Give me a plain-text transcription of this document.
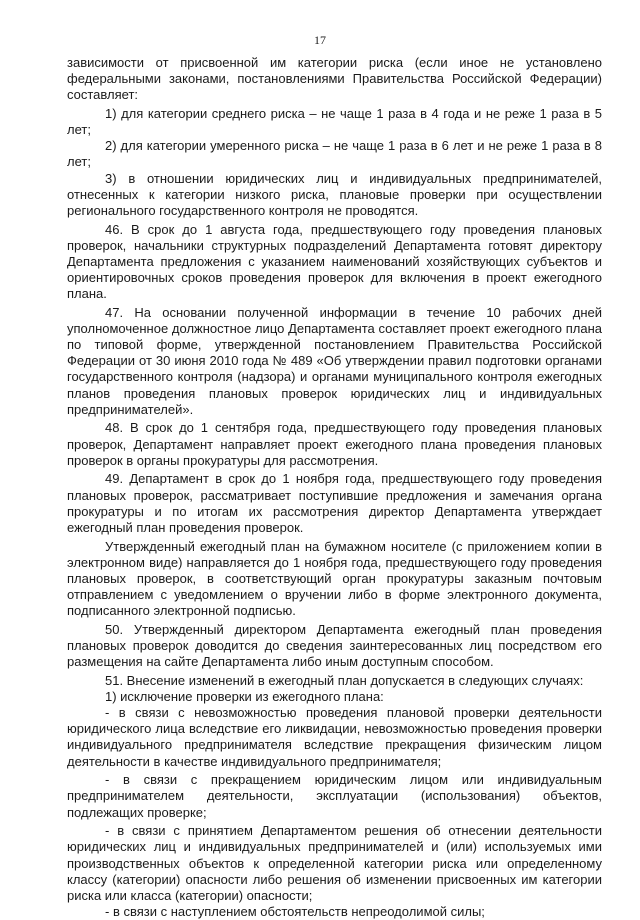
17

зависимости от присвоенной им категории риска (если иное не установлено федеральными законами, постановлениями Правительства Российской Федерации) составляет:

1) для категории среднего риска – не чаще 1 раза в 4 года и не реже 1 раза в 5 лет;

2) для категории умеренного риска – не чаще 1 раза в 6 лет и не реже 1 раза в 8 лет;

3) в отношении юридических лиц и индивидуальных предпринимателей, отнесенных к категории низкого риска, плановые проверки при осуществлении регионального государственного контроля не проводятся.

46. В срок до 1 августа года, предшествующего году проведения плановых проверок, начальники структурных подразделений Департамента готовят директору Департамента предложения с указанием наименований хозяйствующих субъектов и ориентировочных сроков проведения проверок для включения в проект ежегодного плана.

47. На основании полученной информации в течение 10 рабочих дней уполномоченное должностное лицо Департамента составляет проект ежегодного плана по типовой форме, утвержденной постановлением Правительства Российской Федерации от 30 июня 2010 года № 489 «Об утверждении правил подготовки органами государственного контроля (надзора) и органами муниципального контроля ежегодных планов проведения плановых проверок юридических лиц и индивидуальных предпринимателей».

48. В срок до 1 сентября года, предшествующего году проведения плановых проверок, Департамент направляет проект ежегодного плана проведения плановых проверок в органы прокуратуры для рассмотрения.

49. Департамент в срок до 1 ноября года, предшествующего году проведения плановых проверок, рассматривает поступившие предложения и замечания органа прокуратуры и по итогам их рассмотрения директор Департамента утверждает ежегодный план проведения проверок.

Утвержденный ежегодный план на бумажном носителе (с приложением копии в электронном виде) направляется до 1 ноября года, предшествующего году проведения плановых проверок, в соответствующий орган прокуратуры заказным почтовым отправлением с уведомлением о вручении либо в форме электронного документа, подписанного электронной подписью.

50. Утвержденный директором Департамента ежегодный план проведения плановых проверок доводится до сведения заинтересованных лиц посредством его размещения на сайте Департамента либо иным доступным способом.

51. Внесение изменений в ежегодный план допускается в следующих случаях:

1) исключение проверки из ежегодного плана:

- в связи с невозможностью проведения плановой проверки деятельности юридического лица вследствие его ликвидации, невозможностью проведения проверки индивидуального предпринимателя вследствие прекращения физическим лицом деятельности в качестве индивидуального предпринимателя;

- в связи с прекращением юридическим лицом или индивидуальным предпринимателем деятельности, эксплуатации (использования) объектов, подлежащих проверке;

- в связи с принятием Департаментом решения об отнесении деятельности юридических лиц и индивидуальных предпринимателей и (или) используемых ими производственных объектов к определенной категории риска или определенному классу (категории) опасности либо решения об изменении присвоенных им категории риска или класса (категории) опасности;

- в связи с наступлением обстоятельств непреодолимой силы;
